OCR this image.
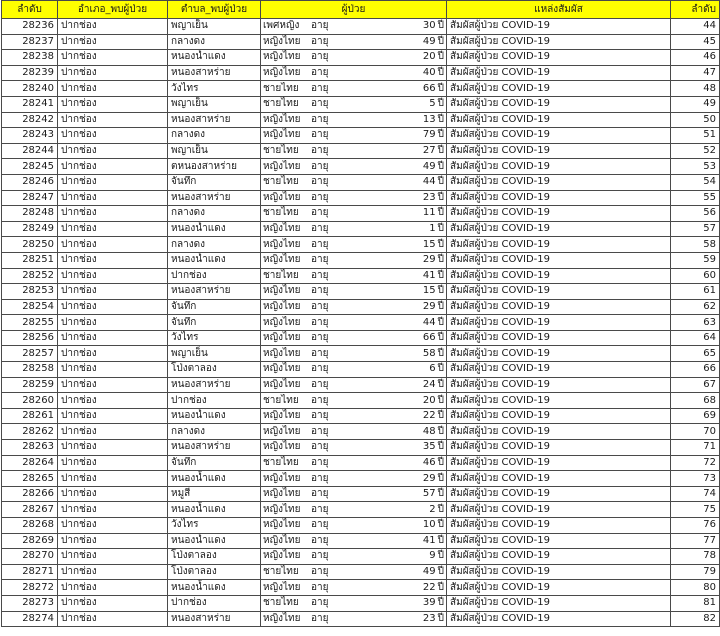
ลำดับ	อำเภอ_พบผู้ป่วย	ตำบล_พบผู้ป่วย	ผู้ป่วย	แหล่งสัมผัส	ลำดับ
28236	ปากช่อง	พญาเย็น	เพศหญิง อายุ 30 ปี	สัมผัสผู้ป่วย COVID-19	44
28237	ปากช่อง	กลางดง	หญิงไทย อายุ 49 ปี	สัมผัสผู้ป่วย COVID-19	45
28238	ปากช่อง	หนองน้ำแดง	หญิงไทย อายุ 20 ปี	สัมผัสผู้ป่วย COVID-19	46
28239	ปากช่อง	หนองสาหร่าย	หญิงไทย อายุ 40 ปี	สัมผัสผู้ป่วย COVID-19	47
28240	ปากช่อง	วังไทร	ชายไทย อายุ 66 ปี	สัมผัสผู้ป่วย COVID-19	48
28241	ปากช่อง	พญาเย็น	ชายไทย อายุ 5 ปี	สัมผัสผู้ป่วย COVID-19	49
28242	ปากช่อง	หนองสาหร่าย	หญิงไทย อายุ 13 ปี	สัมผัสผู้ป่วย COVID-19	50
28243	ปากช่อง	กลางดง	หญิงไทย อายุ 79 ปี	สัมผัสผู้ป่วย COVID-19	51
28244	ปากช่อง	พญาเย็น	ชายไทย อายุ 27 ปี	สัมผัสผู้ป่วย COVID-19	52
28245	ปากช่อง	ตหนองสาหร่าย	หญิงไทย อายุ 49 ปี	สัมผัสผู้ป่วย COVID-19	53
28246	ปากช่อง	จันทึก	ชายไทย อายุ 44 ปี	สัมผัสผู้ป่วย COVID-19	54
28247	ปากช่อง	หนองสาหร่าย	หญิงไทย อายุ 23 ปี	สัมผัสผู้ป่วย COVID-19	55
28248	ปากช่อง	กลางดง	ชายไทย อายุ 11 ปี	สัมผัสผู้ป่วย COVID-19	56
28249	ปากช่อง	หนองน้ำแดง	หญิงไทย อายุ 1 ปี	สัมผัสผู้ป่วย COVID-19	57
28250	ปากช่อง	กลางดง	หญิงไทย อายุ 15 ปี	สัมผัสผู้ป่วย COVID-19	58
28251	ปากช่อง	หนองน้ำแดง	หญิงไทย อายุ 29 ปี	สัมผัสผู้ป่วย COVID-19	59
28252	ปากช่อง	ปากช่อง	ชายไทย อายุ 41 ปี	สัมผัสผู้ป่วย COVID-19	60
28253	ปากช่อง	หนองสาหร่าย	หญิงไทย อายุ 15 ปี	สัมผัสผู้ป่วย COVID-19	61
28254	ปากช่อง	จันทึก	หญิงไทย อายุ 29 ปี	สัมผัสผู้ป่วย COVID-19	62
28255	ปากช่อง	จันทึก	หญิงไทย อายุ 44 ปี	สัมผัสผู้ป่วย COVID-19	63
28256	ปากช่อง	วังไทร	หญิงไทย อายุ 66 ปี	สัมผัสผู้ป่วย COVID-19	64
28257	ปากช่อง	พญาเย็น	หญิงไทย อายุ 58 ปี	สัมผัสผู้ป่วย COVID-19	65
28258	ปากช่อง	โป่งตาลอง	หญิงไทย อายุ 6 ปี	สัมผัสผู้ป่วย COVID-19	66
28259	ปากช่อง	หนองสาหร่าย	หญิงไทย อายุ 24 ปี	สัมผัสผู้ป่วย COVID-19	67
28260	ปากช่อง	ปากช่อง	ชายไทย อายุ 20 ปี	สัมผัสผู้ป่วย COVID-19	68
28261	ปากช่อง	หนองน้ำแดง	หญิงไทย อายุ 22 ปี	สัมผัสผู้ป่วย COVID-19	69
28262	ปากช่อง	กลางดง	หญิงไทย อายุ 48 ปี	สัมผัสผู้ป่วย COVID-19	70
28263	ปากช่อง	หนองสาหร่าย	หญิงไทย อายุ 35 ปี	สัมผัสผู้ป่วย COVID-19	71
28264	ปากช่อง	จันทึก	ชายไทย อายุ 46 ปี	สัมผัสผู้ป่วย COVID-19	72
28265	ปากช่อง	หนองน้ำแดง	หญิงไทย อายุ 29 ปี	สัมผัสผู้ป่วย COVID-19	73
28266	ปากช่อง	หมูสี	หญิงไทย อายุ 57 ปี	สัมผัสผู้ป่วย COVID-19	74
28267	ปากช่อง	หนองน้ำแดง	หญิงไทย อายุ 2 ปี	สัมผัสผู้ป่วย COVID-19	75
28268	ปากช่อง	วังไทร	หญิงไทย อายุ 10 ปี	สัมผัสผู้ป่วย COVID-19	76
28269	ปากช่อง	หนองน้ำแดง	หญิงไทย อายุ 41 ปี	สัมผัสผู้ป่วย COVID-19	77
28270	ปากช่อง	โป่งตาลอง	หญิงไทย อายุ 9 ปี	สัมผัสผู้ป่วย COVID-19	78
28271	ปากช่อง	โป่งตาลอง	ชายไทย อายุ 49 ปี	สัมผัสผู้ป่วย COVID-19	79
28272	ปากช่อง	หนองน้ำแดง	หญิงไทย อายุ 22 ปี	สัมผัสผู้ป่วย COVID-19	80
28273	ปากช่อง	ปากช่อง	ชายไทย อายุ 39 ปี	สัมผัสผู้ป่วย COVID-19	81
28274	ปากช่อง	หนองสาหร่าย	หญิงไทย อายุ 23 ปี	สัมผัสผู้ป่วย COVID-19	82
